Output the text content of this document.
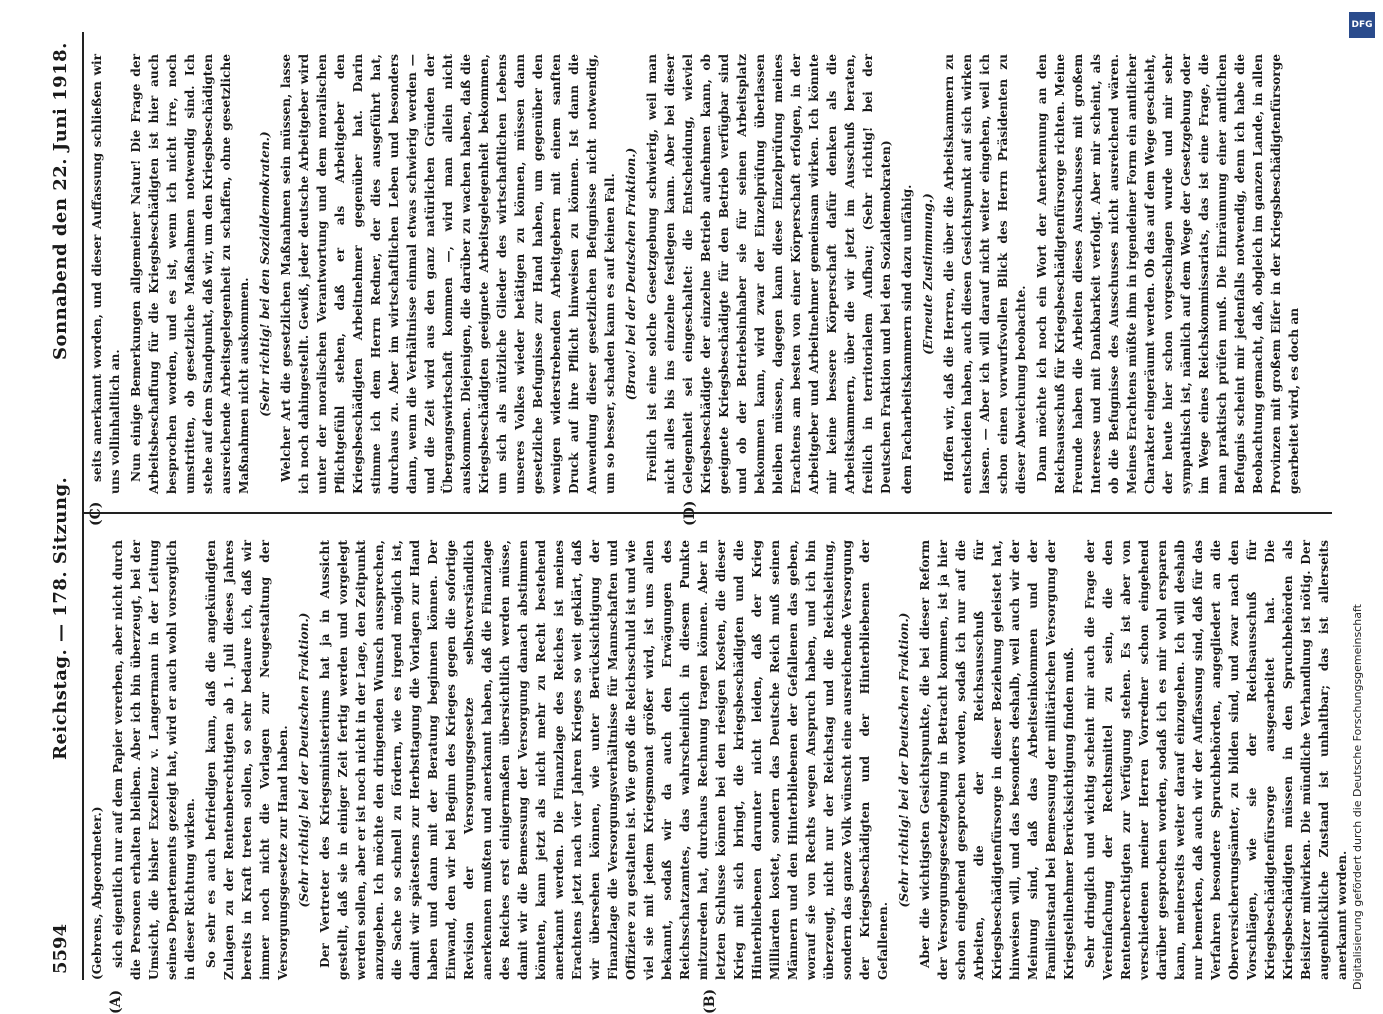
5594
Reichstag. — 178. Sitzung.
Sonnabend den 22. Juni 1918.
(A)	(B)

(Gebrens, Abgeordneter.) sich eigentlich nur auf dem Papier vererben, aber nicht durch die Personen erhalten bleiben. Aber ich bin überzeugt, bei der Umsicht, die bisher Exzellenz v. Langermann in der Leitung seines Departements gezeigt hat, wird er auch wohl vorsorglich in dieser Richtung wirken. So sehr es auch befriedigen kann, daß die angekündigten Zulagen zu der Rentenberechtigten ab 1. Juli dieses Jahres bereits in Kraft treten sollen, so sehr bedaure ich, daß wir immer noch nicht die Vorlagen zur Neugestaltung der Versorgungsgesetze zur Hand haben. (Sehr richtig! bei der Deutschen Fraktion.) Der Vertreter des Kriegsministeriums hat ja in Aussicht gestellt, daß sie in einiger Zeit fertig werden und vorgelegt werden sollen, aber er ist noch nicht in der Lage, den Zeitpunkt anzugeben. Ich möchte den dringenden Wunsch aussprechen, die Sache so schnell zu fördern, wie es irgend möglich ist, damit wir spätestens zur Herbsttagung die Vorlagen zur Hand haben und dann mit der Beratung beginnen können. Der Einwand, den wir bei Beginn des Krieges gegen die sofortige Revision der Versorgungsgesetze selbstverständlich anerkennen mußten und anerkannt haben, daß die Finanzlage des Reiches erst einigermaßen übersichtlich werden müsse, damit wir die Bemessung der Versorgung danach abstimmen könnten, kann jetzt als nicht mehr zu Recht bestehend anerkannt werden. Die Finanzlage des Reiches ist meines Erachtens jetzt nach vier Jahren Krieges so weit geklärt, daß wir übersehen können, wie unter Berücksichtigung der Finanzlage die Versorgungsverhältnisse für Mannschaften und Offiziere zu gestalten ist. Wie groß die Reichsschuld ist und wie viel sie mit jedem Kriegsmonat größer wird, ist uns allen bekannt, sodaß wir da auch den Erwägungen des Reichsschatzamtes, das wahrscheinlich in diesem Punkte mitzureden hat, durchaus Rechnung tragen können. Aber in letzten Schlusse können bei den riesigen Kosten, die dieser Krieg mit sich bringt, die kriegsbeschädigten und die Hinterbliebenen darunter nicht leiden, daß der Krieg Milliarden kostet, sondern das Deutsche Reich muß seinen Männern und den Hinterbliebenen der Gefallenen das geben, worauf sie von Rechts wegen Anspruch haben, und ich bin überzeugt, nicht nur der Reichstag und die Reichsleitung, sondern das ganze Volk wünscht eine ausreichende Versorgung der Kriegsbeschädigten und der Hinterbliebenen der Gefallenen.

(Sehr richtig! bei der Deutschen Fraktion.) Aber die wichtigsten Gesichtspunkte, die bei dieser Reform der Versorgungsgesetzgebung in Betracht kommen, ist ja hier schon eingehend gesprochen worden, sodaß ich nur auf die Arbeiten, die der Reichsausschuß für Kriegsbeschädigtenfürsorge in dieser Beziehung geleistet hat, hinweisen will, und das besonders deshalb, weil auch wir der Meinung sind, daß das Arbeitseinkommen und der Familienstand bei Bemessung der militärischen Versorgung der Kriegsteilnehmer Berücksichtigung finden muß. Sehr dringlich und wichtig scheint mir auch die Frage der Vereinfachung der Rechtsmittel zu sein, die den Rentenberechtigten zur Verfügung stehen. Es ist aber von verschiedenen meiner Herren Vorredner schon eingehend darüber gesprochen worden, sodaß ich es mir wohl ersparen kann, meinerseits weiter darauf einzugehen. Ich will deshalb nur bemerken, daß auch wir der Auffassung sind, daß für das Verfahren besondere Spruchbehörden, angegliedert an die Oberversicherungsämter, zu bilden sind, und zwar nach den Vorschlägen, wie sie der Reichsausschuß für Kriegsbeschädigtenfürsorge ausgearbeitet hat. Die Kriegsbeschädigten müssen in den Spruchbehörden als Beisitzer mitwirken. Die mündliche Verhandlung ist nötig. Der augenblickliche Zustand ist unhaltbar; das ist allerseits anerkannt worden.

(C)	(D)

seits anerkannt worden, und dieser Auffassung schließen wir uns vollinhaltlich an. Nun einige Bemerkungen allgemeiner Natur! Die Frage der Arbeitsbeschaffung für die Kriegsbeschädigten ist hier auch besprochen worden, und es ist, wenn ich nicht irre, noch umstritten, ob gesetzliche Maßnahmen notwendig sind. Ich stehe auf dem Standpunkt, daß wir, um den Kriegsbeschädigten ausreichende Arbeitsgelegenheit zu schaffen, ohne gesetzliche Maßnahmen nicht auskommen. (Sehr richtig! bei den Sozialdemokraten.) Welcher Art die gesetzlichen Maßnahmen sein müssen, lasse ich noch dahingestellt. Gewiß, jeder deutsche Arbeitgeber wird unter der moralischen Verantwortung und dem moralischen Pflichtgefühl stehen, daß er als Arbeitgeber den Kriegsbeschädigten Arbeitnehmer gegenüber hat. Darin stimme ich dem Herrn Redner, der dies ausgeführt hat, durchaus zu. Aber im wirtschaftlichen Leben und besonders dann, wenn die Verhältnisse einmal etwas schwierig werden — und die Zeit wird aus den ganz natürlichen Gründen der Übergangswirtschaft kommen —, wird man allein nicht auskommen. Diejenigen, die darüber zu wachen haben, daß die Kriegsbeschädigten geeignete Arbeitsgelegenheit bekommen, um sich als nützliche Glieder des wirtschaftlichen Lebens unseres Volkes wieder betätigen zu können, müssen dann gesetzliche Befugnisse zur Hand haben, um gegenüber den wenigen widerstrebenden Arbeitgebern mit einem sanften Druck auf ihre Pflicht hinweisen zu können. Ist dann die Anwendung dieser gesetzlichen Befugnisse nicht notwendig, um so besser, schaden kann es auf keinen Fall. (Bravo! bei der Deutschen Fraktion.) Freilich ist eine solche Gesetzgebung schwierig, weil man nicht alles bis ins einzelne festlegen kann. Aber bei dieser Gelegenheit sei eingeschaltet: die Entscheidung, wieviel Kriegsbeschädigte der einzelne Betrieb aufnehmen kann, ob geeignete Kriegsbeschädigte für den Betrieb verfügbar sind und ob der Betriebsinhaber sie für seinen Arbeitsplatz bekommen kann, wird zwar der Einzelprüfung überlassen bleiben müssen, dagegen kann diese Einzelprüfung meines Erachtens am besten von einer Körperschaft erfolgen, in der Arbeitgeber und Arbeitnehmer gemeinsam wirken. Ich könnte mir keine bessere Körperschaft dafür denken als die Arbeitskammern, über die wir jetzt im Ausschuß beraten, freilich in territorialem Aufbau; (Sehr richtig! bei der Deutschen Fraktion und bei den Sozialdemokraten) dem Facharbeitskammern sind dazu unfähig. (Erneute Zustimmung.) Hoffen wir, daß die Herren, die über die Arbeitskammern zu entscheiden haben, auch diesen Gesichtspunkt auf sich wirken lassen. — Aber ich will darauf nicht weiter eingehen, weil ich schon einen vorwurfsvollen Blick des Herrn Präsidenten zu dieser Abweichung beobachte. Dann möchte ich noch ein Wort der Anerkennung an den Reichsausschuß für Kriegsbeschädigtenfürsorge richten. Meine Freunde haben die Arbeiten dieses Ausschusses mit großem Interesse und mit Dankbarkeit verfolgt. Aber mir scheint, als ob die Befugnisse des Ausschusses nicht ausreichend wären. Meines Erachtens müßte ihm in irgendeiner Form ein amtlicher Charakter eingeräumt werden. Ob das auf dem Wege geschieht, der heute hier schon vorgeschlagen wurde und mir sehr sympathisch ist, nämlich auf dem Wege der Gesetzgebung oder im Wege eines Reichskommissariats, das ist eine Frage, die man praktisch prüfen muß. Die Einräumung einer amtlichen Befugnis scheint mir jedenfalls notwendig, denn ich habe die Beobachtung gemacht, daß, obgleich im ganzen Lande, in allen Provinzen mit großem Eifer in der Kriegsbeschädigtenfürsorge gearbeitet wird, es doch an

DFG
Digitalisierung gefördert durch die Deutsche Forschungsgemeinschaft
